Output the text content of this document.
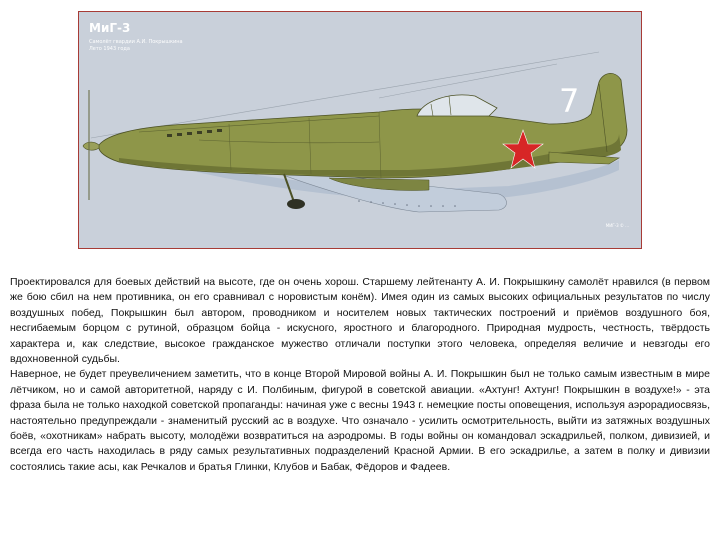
МиГ-3
Самолёт гвардии А.И. Покрышкина
Лето 1943 года
7
МИГ-3 © ...

Проектировался для боевых действий на высоте, где он очень хорош. Старшему лейтенанту А. И. Покрышкину самолёт нравился (в первом же бою сбил на нем противника, он его сравнивал с норовистым конём). Имея один из самых высоких официальных результатов по числу воздушных побед, Покрышкин был автором, проводником и носителем новых тактических построений и приёмов воздушного боя, несгибаемым борцом с рутиной, образцом бойца - искусного, яростного и благородного. Природная мудрость, честность, твёрдость характера и, как следствие, высокое гражданское мужество отличали поступки этого человека, определяя величие и невзгоды его вдохновенной судьбы.

Наверное, не будет преувеличением заметить, что в конце Второй Мировой войны А. И. Покрышкин был не только самым известным в мире лётчиком, но и самой авторитетной, наряду с И. Полбиным, фигурой в советской авиации. «Ахтунг! Ахтунг! Покрышкин в воздухе!» - эта фраза была не только находкой советской пропаганды: начиная уже с весны 1943 г. немецкие посты оповещения, используя аэрорадиосвязь, настоятельно предупреждали - знаменитый русский ас в воздухе. Что означало - усилить осмотрительность, выйти из затяжных воздушных боёв, «охотникам» набрать высоту, молодёжи возвратиться на аэродромы. В годы войны он командовал эскадрильей, полком, дивизией, и всегда его часть находилась в ряду самых результативных подразделений Красной Армии. В его эскадрилье, а затем в полку и дивизии состоялись такие асы, как Речкалов и братья Глинки, Клубов и Бабак, Фёдоров и Фадеев.
